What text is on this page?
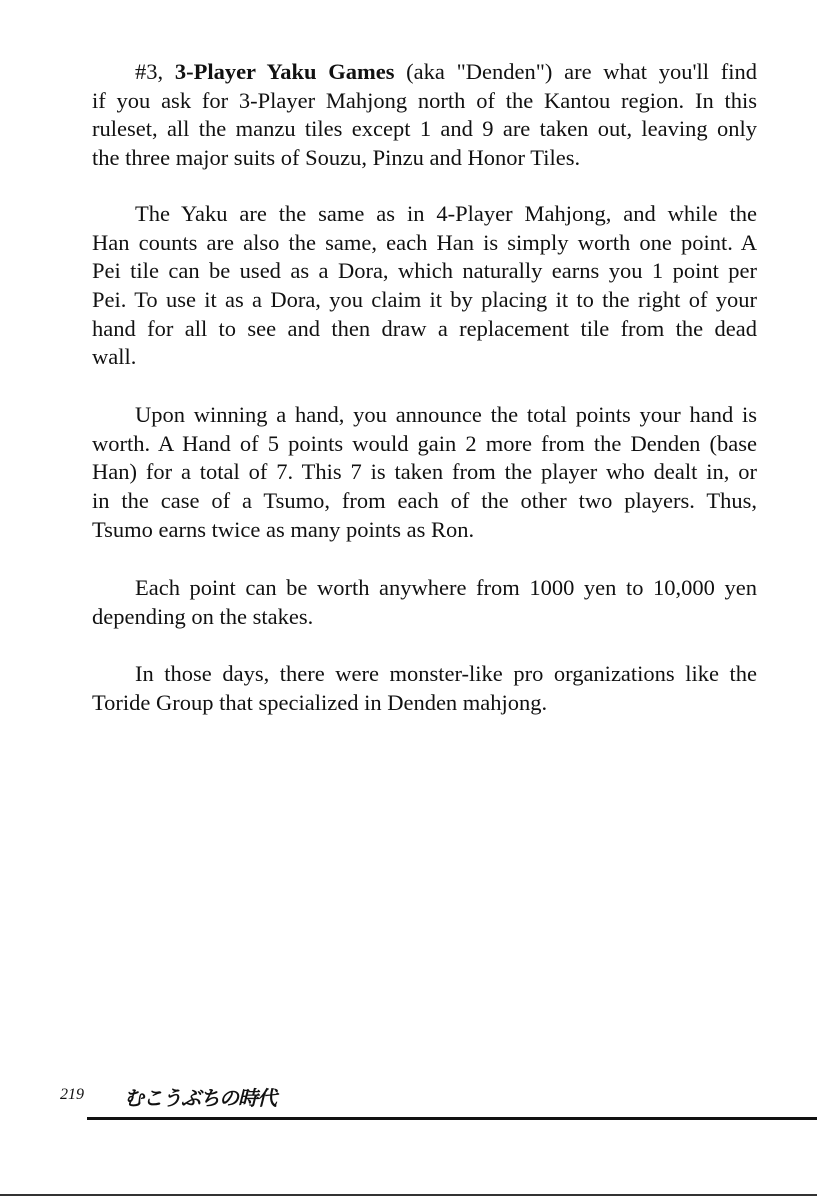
#3, 3-Player Yaku Games (aka "Denden") are what you'll find
if you ask for 3-Player Mahjong north of the Kantou region. In this
ruleset, all the manzu tiles except 1 and 9 are taken out, leaving only
the three major suits of Souzu, Pinzu and Honor Tiles.
The Yaku are the same as in 4-Player Mahjong, and while the
Han counts are also the same, each Han is simply worth one point. A
Pei tile can be used as a Dora, which naturally earns you 1 point per
Pei. To use it as a Dora, you claim it by placing it to the right of your
hand for all to see and then draw a replacement tile from the dead
wall.
Upon winning a hand, you announce the total points your hand is
worth. A Hand of 5 points would gain 2 more from the Denden (base
Han) for a total of 7. This 7 is taken from the player who dealt in, or
in the case of a Tsumo, from each of the other two players. Thus,
Tsumo earns twice as many points as Ron.
Each point can be worth anywhere from 1000 yen to 10,000 yen
depending on the stakes.
In those days, there were monster-like pro organizations like the
Toride Group that specialized in Denden mahjong.
219 むこうぶちの時代
